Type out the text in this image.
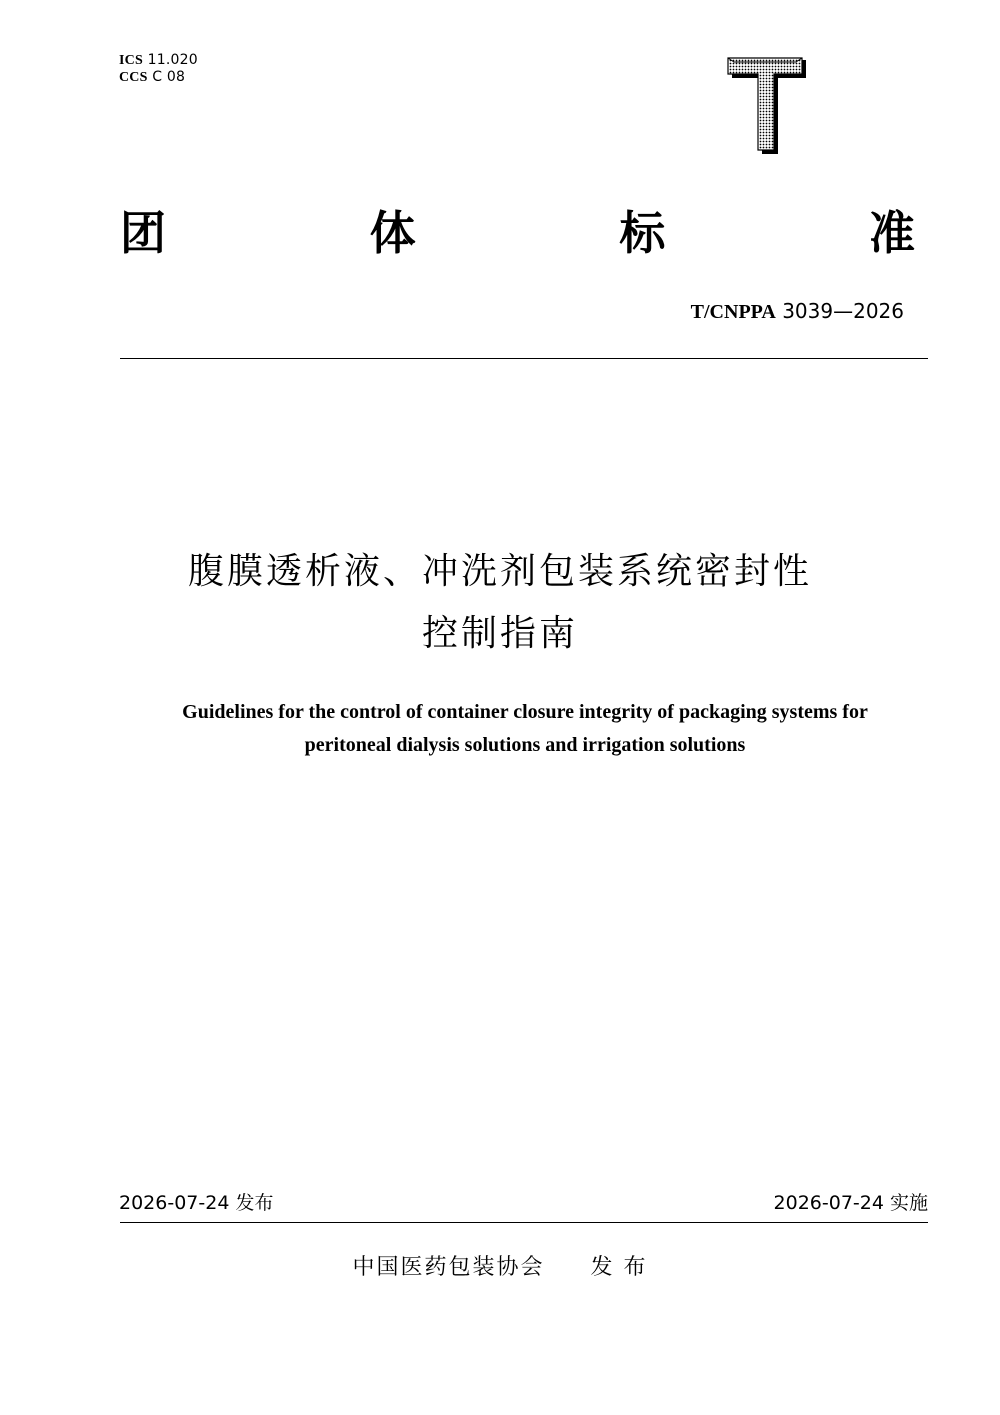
ICS 11.020
CCS C 08
团	体	标	准
T/CNPPA 3039—2026
腹膜透析液、冲洗剂包装系统密封性
控制指南
Guidelines for the control of container closure integrity of packaging systems for
peritoneal dialysis solutions and irrigation solutions
2026-07-24 发布	2026-07-24 实施
中国医药包装协会 发 布
